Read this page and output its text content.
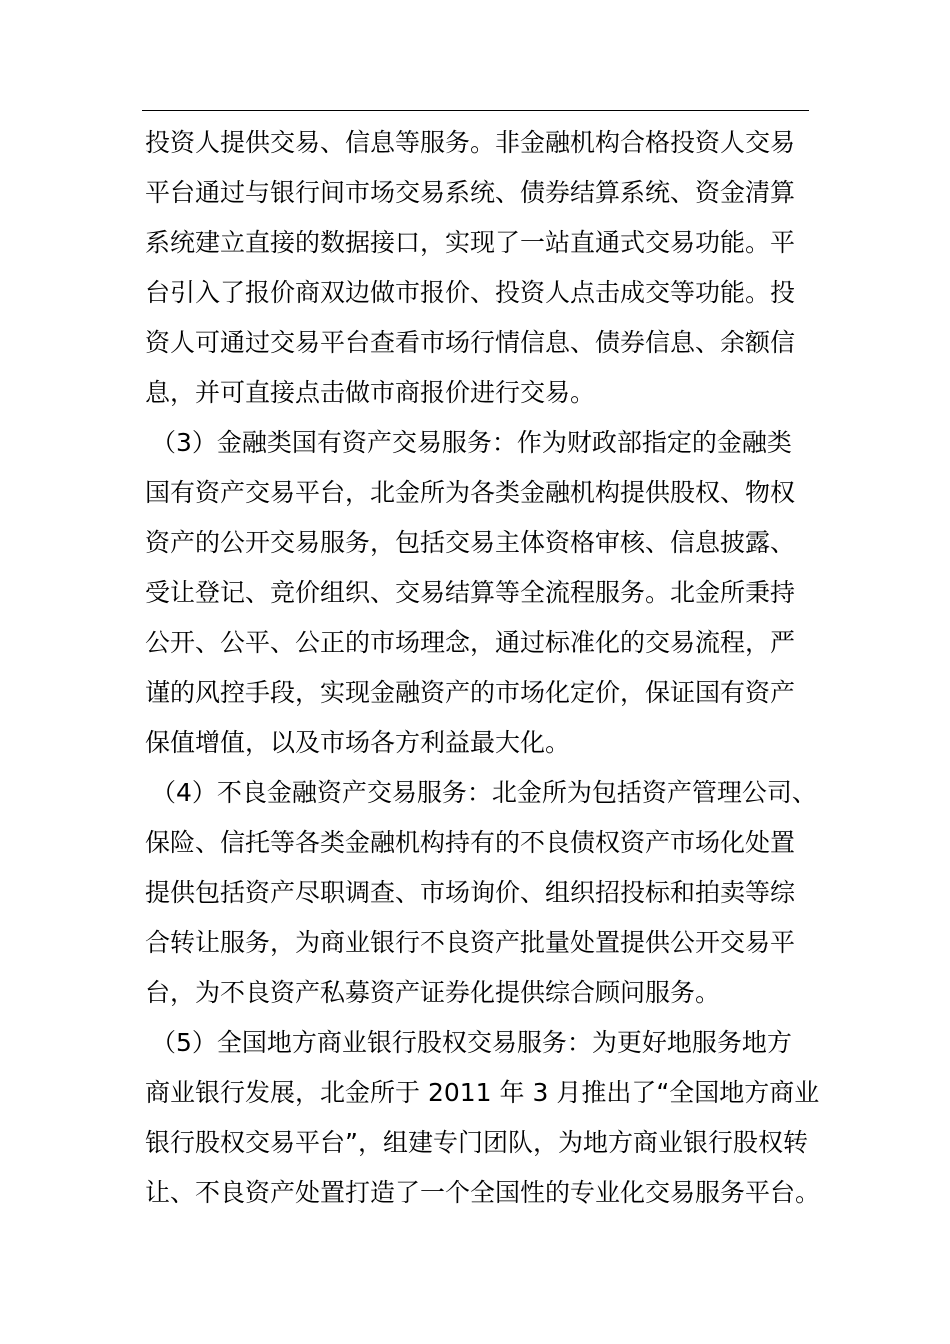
投资人提供交易、信息等服务。非金融机构合格投资人交易
平台通过与银行间市场交易系统、债券结算系统、资金清算
系统建立直接的数据接口，实现了一站直通式交易功能。平
台引入了报价商双边做市报价、投资人点击成交等功能。投
资人可通过交易平台查看市场行情信息、债券信息、余额信
息，并可直接点击做市商报价进行交易。
（3）金融类国有资产交易服务：作为财政部指定的金融类
国有资产交易平台，北金所为各类金融机构提供股权、物权
资产的公开交易服务，包括交易主体资格审核、信息披露、
受让登记、竞价组织、交易结算等全流程服务。北金所秉持
公开、公平、公正的市场理念，通过标准化的交易流程，严
谨的风控手段，实现金融资产的市场化定价，保证国有资产
保值增值，以及市场各方利益最大化。
（4）不良金融资产交易服务：北金所为包括资产管理公司、
保险、信托等各类金融机构持有的不良债权资产市场化处置
提供包括资产尽职调查、市场询价、组织招投标和拍卖等综
合转让服务，为商业银行不良资产批量处置提供公开交易平
台，为不良资产私募资产证券化提供综合顾问服务。
（5）全国地方商业银行股权交易服务：为更好地服务地方
商业银行发展，北金所于 2011 年 3 月推出了“全国地方商业
银行股权交易平台”，组建专门团队，为地方商业银行股权转
让、不良资产处置打造了一个全国性的专业化交易服务平台。
